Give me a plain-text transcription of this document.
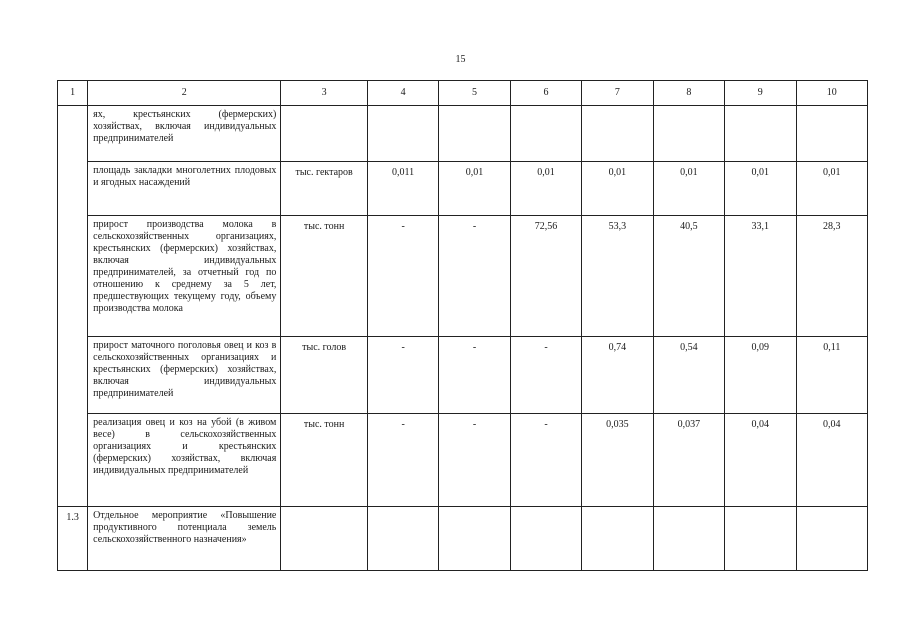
15
1	2	3	4	5	6	7	8	9	10
	ях, крестьянских (фермерских) хозяйствах, включая индивидуальных предпринимателей								
	площадь закладки многолетних плодовых и ягодных насаждений	тыс. гектаров	0,011	0,01	0,01	0,01	0,01	0,01	0,01
	прирост производства молока в сельскохозяйственных организациях, крестьянских (фермерских) хозяйствах, включая индивидуальных предпринимателей, за отчетный год по отношению к среднему за 5 лет, предшествующих текущему году, объему производства молока	тыс. тонн	-	-	72,56	53,3	40,5	33,1	28,3
	прирост маточного поголовья овец и коз в сельскохозяйственных организациях и крестьянских (фермерских) хозяйствах, включая индивидуальных предпринимателей	тыс. голов	-	-	-	0,74	0,54	0,09	0,11
	реализация овец и коз на убой (в живом весе) в сельскохозяйственных организациях и крестьянских (фермерских) хозяйствах, включая индивидуальных предпринимателей	тыс. тонн	-	-	-	0,035	0,037	0,04	0,04
1.3	Отдельное мероприятие «Повышение продуктивного потенциала земель сельскохозяйственного назначения»								
